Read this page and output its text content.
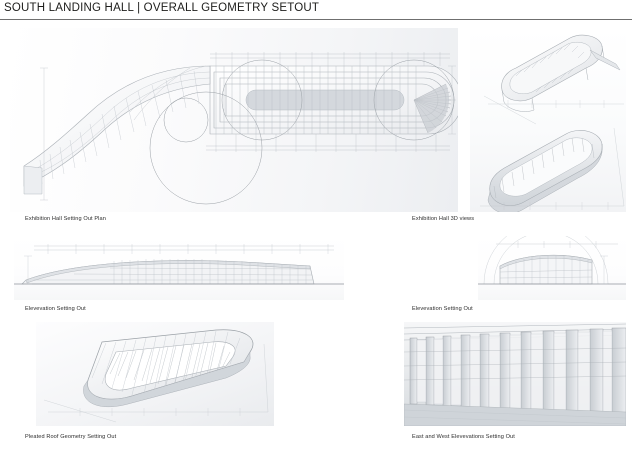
SOUTH LANDING HALL | OVERALL GEOMETRY SETOUT
Exhibition Hall Setting Out Plan	Exhibition Hall 3D views
Elevevation Setting Out	Elevevation Setting Out
Pleated Roof Geometry Setting Out	East and West Elevevations Setting Out
